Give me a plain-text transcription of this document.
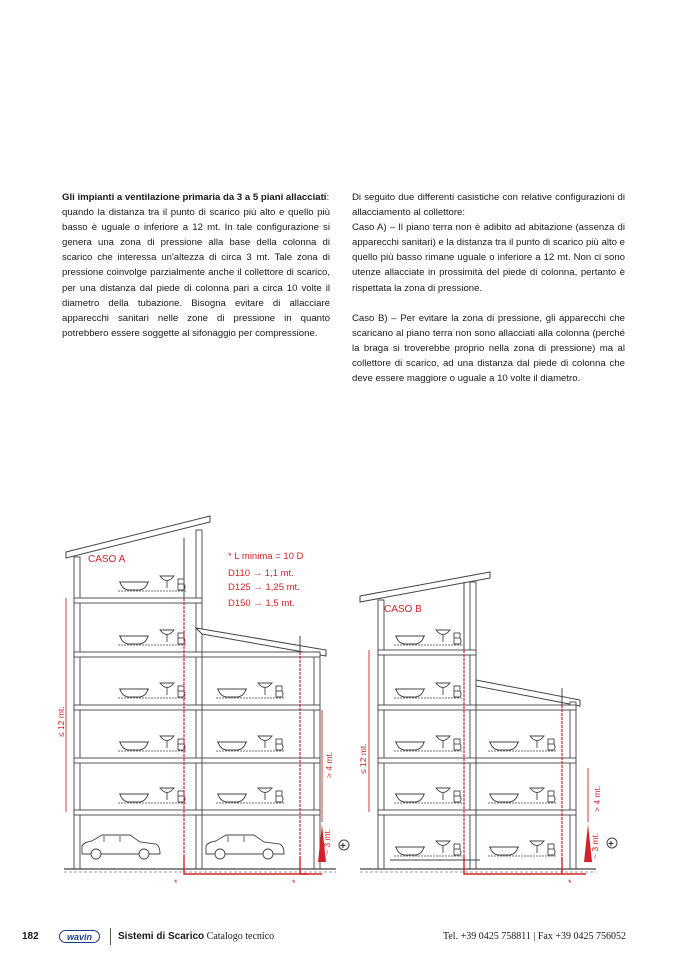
Gli impianti a ventilazione primaria da 3 a 5 piani allacciati:
quando la distanza tra il punto di scarico più alto e quello più basso è uguale o inferiore a 12 mt. In tale configurazione si genera una zona di pressione alla base della colonna di scarico che interessa un'altezza di circa 3 mt. Tale zona di pressione coinvolge parzialmente anche il collettore di scarico, per una distanza dal piede di colonna pari a circa 10 volte il diametro della tubazione. Bisogna evitare di allacciare apparecchi sanitari nelle zone di pressione in quanto potrebbero essere soggette al sifonaggio per compressione.

Di seguito due differenti casistiche con relative configurazioni di allacciamento al collettore:

Caso A) – Il piano terra non è adibito ad abitazione (assenza di apparecchi sanitari) e la distanza tra il punto di scarico più alto e quello più basso rimane uguale o inferiore a 12 mt. Non ci sono utenze allacciate in prossimità del piede di colonna, pertanto è rispettata la zona di pressione.

Caso B) – Per evitare la zona di pressione, gli apparecchi che scaricano al piano terra non sono allacciati alla colonna (perché la braga si troverebbe proprio nella zona di pressione) ma al collettore di scarico, ad una distanza dal piede di colonna che deve essere maggiore o uguale a 10 volte il diametro.

CASO A	* L minima = 10 D
D110 → 1,1 mt.
D125 → 1,25 mt.
D150 → 1,5 mt.
≤ 12 mt.
> 4 mt.
~ 3 mt. +
*	*
CASO B
≤ 12 mt.
> 4 mt.
~ 3 mt. +
*
182	wavin	Sistemi di Scarico Catalogo tecnico	Tel. +39 0425 758811 | Fax +39 0425 756052
